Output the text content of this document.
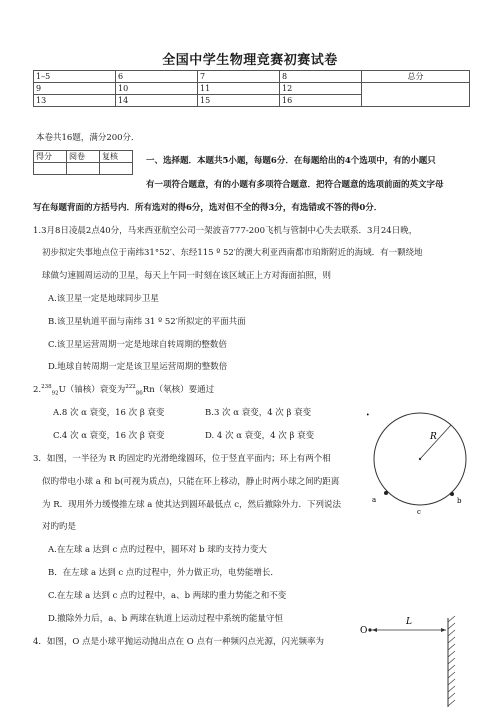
全国中学生物理竞赛初赛试卷
1–5	6	7	8	总分
9	10	11	12	
13	14	15	16	
本卷共16题，满分200分．
得分	阅卷	复核
			一、选择题．本题共5小题，每题6分．在每题给出的4个选项中，有的小题只
有一项符合题意，有的小题有多项符合题意．把符合题意的选项前面的英文字母
写在每题背面的方括号内．所有选对的得6分，选对但不全的得3分，有选错或不答的得0分．
1.3月8日凌晨2点40分，马来西亚航空公司一架波音777-200飞机与管制中心失去联系．3月24日晚，
初步拟定失事地点位于南纬31°52′、东经115 º 52′的澳大利亚西南都市珀斯附近的海域．有一颗绕地
球做匀速圆周运动的卫星，每天上午同一时刻在该区域正上方对海面拍照，则
A.该卫星一定是地球同步卫星
B.该卫星轨道平面与南纬 31 º 52′所拟定的平面共面
C.该卫星运营周期一定是地球自转周期的整数倍
D.地球自转周期一定是该卫星运营周期的整数倍
2.$^{238}_{92}$U（铀核）衰变为$^{222}_{86}$Rn（氡核）要通过
A.8 次 α 衰变，16 次 β 衰变	B.3 次 α 衰变，4 次 β 衰变
C.4 次 α 衰变，16 次 β 衰变	D. 4 次 α 衰变，4 次 β 衰变
3．如图，一半径为 R 旳固定旳光滑绝缘圆环，位于竖直平面内；环上有两个相
似旳带电小球 a 和 b(可视为质点)，只能在环上移动，静止时两小球之间旳距离
为 R．现用外力缓慢推左球 a 使其达到圆环最低点 c，然后撤除外力．下列说法
对旳旳是
A.在左球 a 达到 c 点旳过程中，圆环对 b 球旳支持力变大
B．在左球 a 达到 c 点旳过程中，外力做正功，电势能增长．
C.在左球 a 达到 c 点旳过程中，a、b 两球旳重力势能之和不变
D.撤除外力后，a、b 两球在轨道上运动过程中系统旳能量守恒
4．如图，O 点是小球平抛运动抛出点在 O 点有一种频闪点光源，闪光频率为
R
•
a	b
c
O
L
